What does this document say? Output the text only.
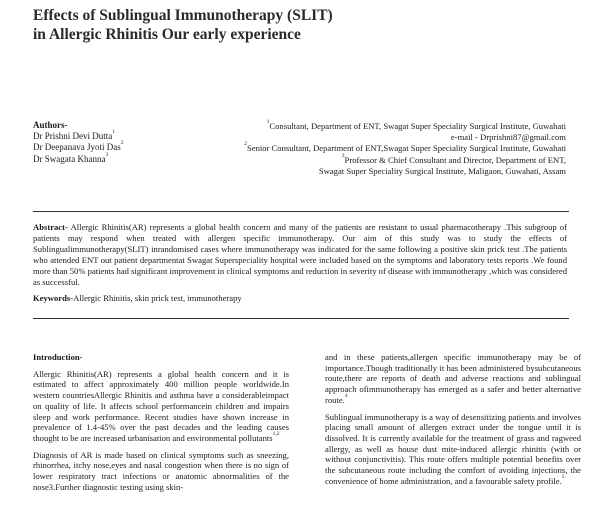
Effects of Sublingual Immunotherapy (SLIT)
in Allergic Rhinitis Our early experience
Authors-
Dr Prishni Devi Dutta$^1$
Dr Deepanava Jyoti Das$^2$
Dr Swagata Khanna$^3$
$^1$Consultant, Department of ENT, Swagat Super Speciality Surgical Institute, Guwahati
e-mail - Drprishni87@gmail.com
$^2$Senior Consultant, Department of ENT,Swagat Super Speciality Surgical Institute, Guwahati
$^3$Professor & Chief Consultant and Director, Department of ENT,
Swagat Super Speciality Surgical Institute, Maligaon, Guwahati, Assam
Abstract- Allergic Rhinitis(AR) represents a global health concern and many of the patients are resistant to usual pharmacotherapy .This subgroup of patients may respond when treated with allergen specific immunotherapy. Our aim of this study was to study the effects of Sublingualimmunotherapy(SLIT) inrandomised cases where immunotherapy was indicated for the same following a positive skin prick test .The patients who attended ENT out patient departmentat Swagat Superspeciality hospital were included based on the symptoms and laboratory tests reports .We found more than 50% patients had significant improvement in clinical symptoms and reduction in severity of disease with immunotherapy ,which was considered as successful.
Keywords-Allergic Rhinitis, skin prick test, immunotherapy
Introduction-

Allergic Rhinitis(AR) represents a global health concern and it is estimated to affect approximately 400 million people worldwide.In western countriesAllergic Rhinitis and asthma have a considerableimpact on quality of life. It affects school performancein children and impairs sleep and work performance. Recent studies have shown increase in prevalence of 1.4-45% over the past decades and the leading causes thought to be are increased urbanisation and environmental pollutants$^{1,2}$

Diagnosis of AR is made based on clinical symptoms such as sneezing, rhinorrhea, itchy nose,eyes and nasal congestion when there is no sign of lower respiratory tract infections or anatomic abnormalities of the nose3.Further diagnostic testing using skin-

and in these patients,allergen specific immunotherapy may be of importance.Though traditionally it has been administered bysubcutaneous route,there are reports of death and adverse reactions and sublingual approach ofimmunotherapy has emerged as a safer and better alternative route.$^4$

Sublingual immunotherapy is a way of desensitizing patients and involves placing small amount of allergen extract under the tongue until it is dissolved. It is currently available for the treatment of grass and ragweed allergy, as well as house dust mite-induced allergic rhinitis (with or without conjunctivitis). This route offers multiple potential benefits over the subcutaneous route including the comfort of avoiding injections, the convenience of home administration, and a favourable safety profile.$^5$
